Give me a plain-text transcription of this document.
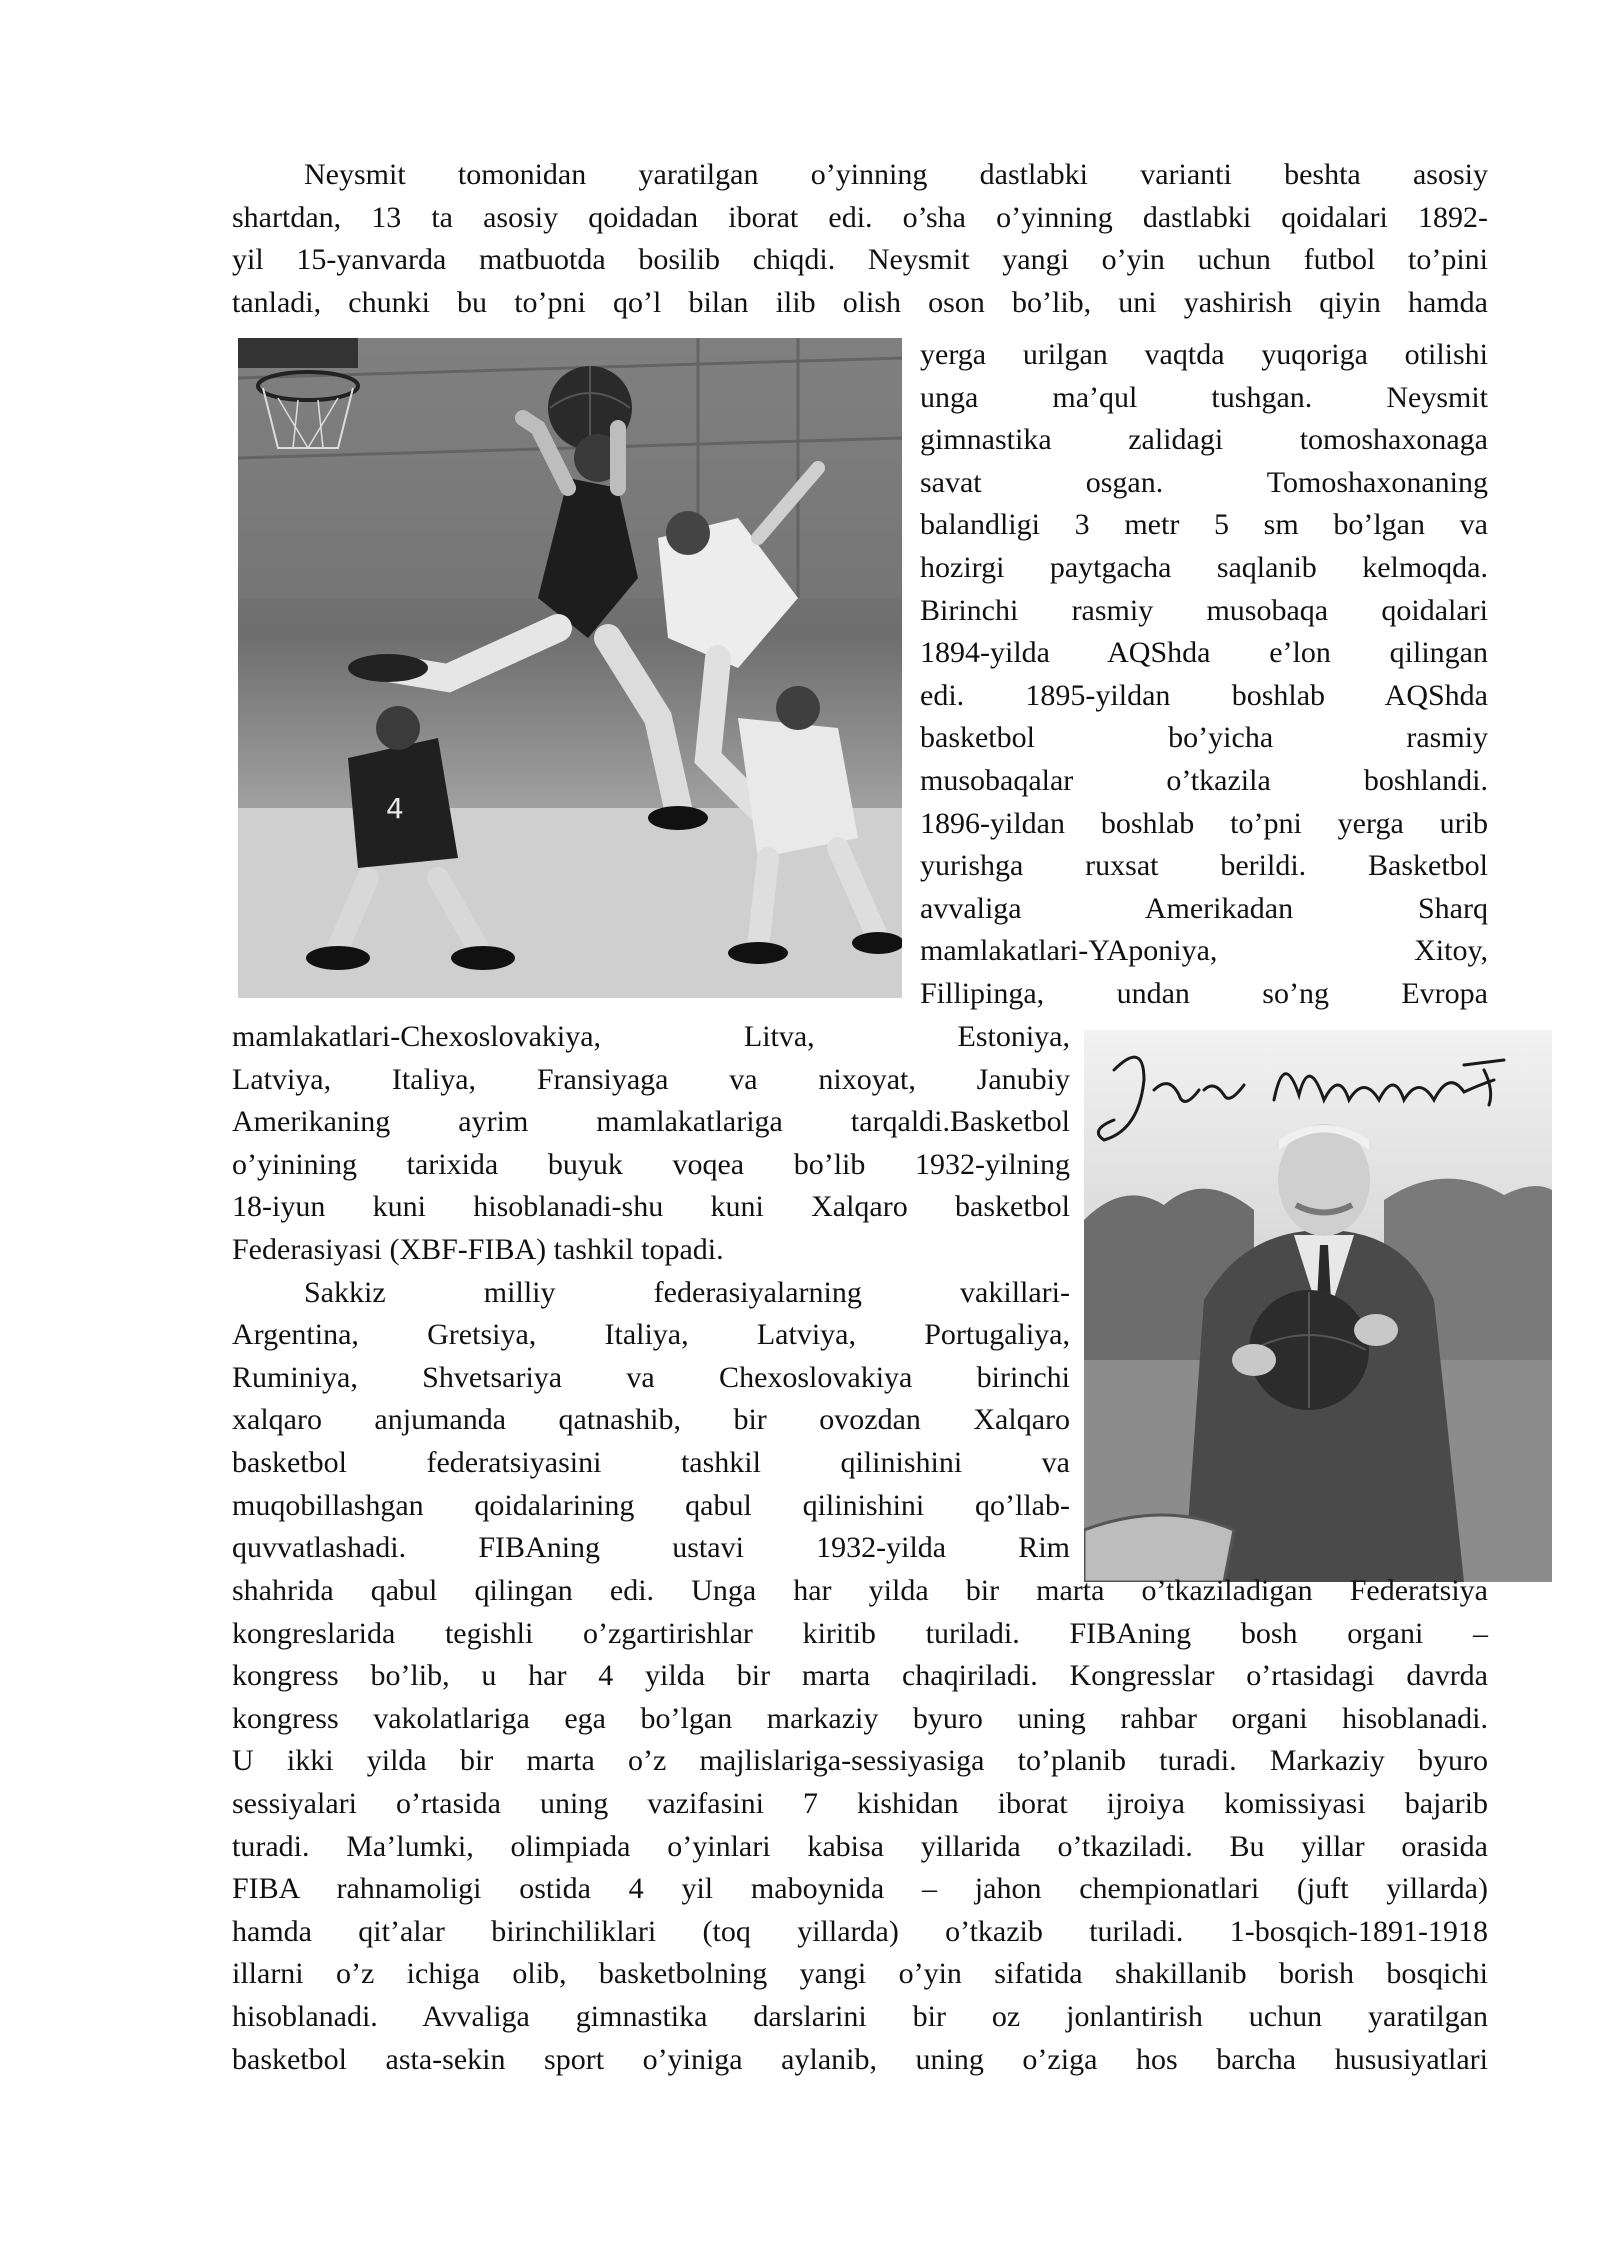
Neysmit tomonidan yaratilgan o’yinning dastlabki varianti beshta asosiy
shartdan, 13 ta asosiy qoidadan iborat edi. o’sha o’yinning dastlabki qoidalari 1892-
yil 15-yanvarda matbuotda bosilib chiqdi. Neysmit yangi o’yin uchun futbol to’pini
tanladi, chunki bu to’pni qo’l bilan ilib olish oson bo’lib, uni yashirish qiyin hamda
4
yerga urilgan vaqtda yuqoriga otilishi
unga ma’qul tushgan. Neysmit
gimnastika zalidagi tomoshaxonaga
savat osgan. Tomoshaxonaning
balandligi 3 metr 5 sm bo’lgan va
hozirgi paytgacha saqlanib kelmoqda.
Birinchi rasmiy musobaqa qoidalari
1894-yilda AQShda e’lon qilingan
edi. 1895-yildan boshlab AQShda
basketbol bo’yicha rasmiy
musobaqalar o’tkazila boshlandi.
1896-yildan boshlab to’pni yerga urib
yurishga ruxsat berildi. Basketbol
avvaliga Amerikadan Sharq
mamlakatlari-YAponiya, Xitoy,
Fillipinga, undan so’ng Evropa
mamlakatlari-Chexoslovakiya, Litva, Estoniya,
Latviya, Italiya, Fransiyaga va nixoyat, Janubiy
Amerikaning ayrim mamlakatlariga tarqaldi.Basketbol
o’yinining tarixida buyuk voqea bo’lib 1932-yilning
18-iyun kuni hisoblanadi-shu kuni Xalqaro basketbol
Federasiyasi (XBF-FIBA) tashkil topadi.
Sakkiz milliy federasiyalarning vakillari-
Argentina, Gretsiya, Italiya, Latviya, Portugaliya,
Ruminiya, Shvetsariya va Chexoslovakiya birinchi
xalqaro anjumanda qatnashib, bir ovozdan Xalqaro
basketbol federatsiyasini tashkil qilinishini va
muqobillashgan qoidalarining qabul qilinishini qo’llab-
quvvatlashadi. FIBAning ustavi 1932-yilda Rim
shahrida qabul qilingan edi. Unga har yilda bir marta o’tkaziladigan Federatsiya
kongreslarida tegishli o’zgartirishlar kiritib turiladi. FIBAning bosh organi –
kongress bo’lib, u har 4 yilda bir marta chaqiriladi. Kongresslar o’rtasidagi davrda
kongress vakolatlariga ega bo’lgan markaziy byuro uning rahbar organi hisoblanadi.
U ikki yilda bir marta o’z majlislariga-sessiyasiga to’planib turadi. Markaziy byuro
sessiyalari o’rtasida uning vazifasini 7 kishidan iborat ijroiya komissiyasi bajarib
turadi. Ma’lumki, olimpiada o’yinlari kabisa yillarida o’tkaziladi. Bu yillar orasida
FIBA rahnamoligi ostida 4 yil maboynida – jahon chempionatlari (juft yillarda)
hamda qit’alar birinchiliklari (toq yillarda) o’tkazib turiladi. 1-bosqich-1891-1918
illarni o’z ichiga olib, basketbolning yangi o’yin sifatida shakillanib borish bosqichi
hisoblanadi. Avvaliga gimnastika darslarini bir oz jonlantirish uchun yaratilgan
basketbol asta-sekin sport o’yiniga aylanib, uning o’ziga hos barcha hususiyatlari
